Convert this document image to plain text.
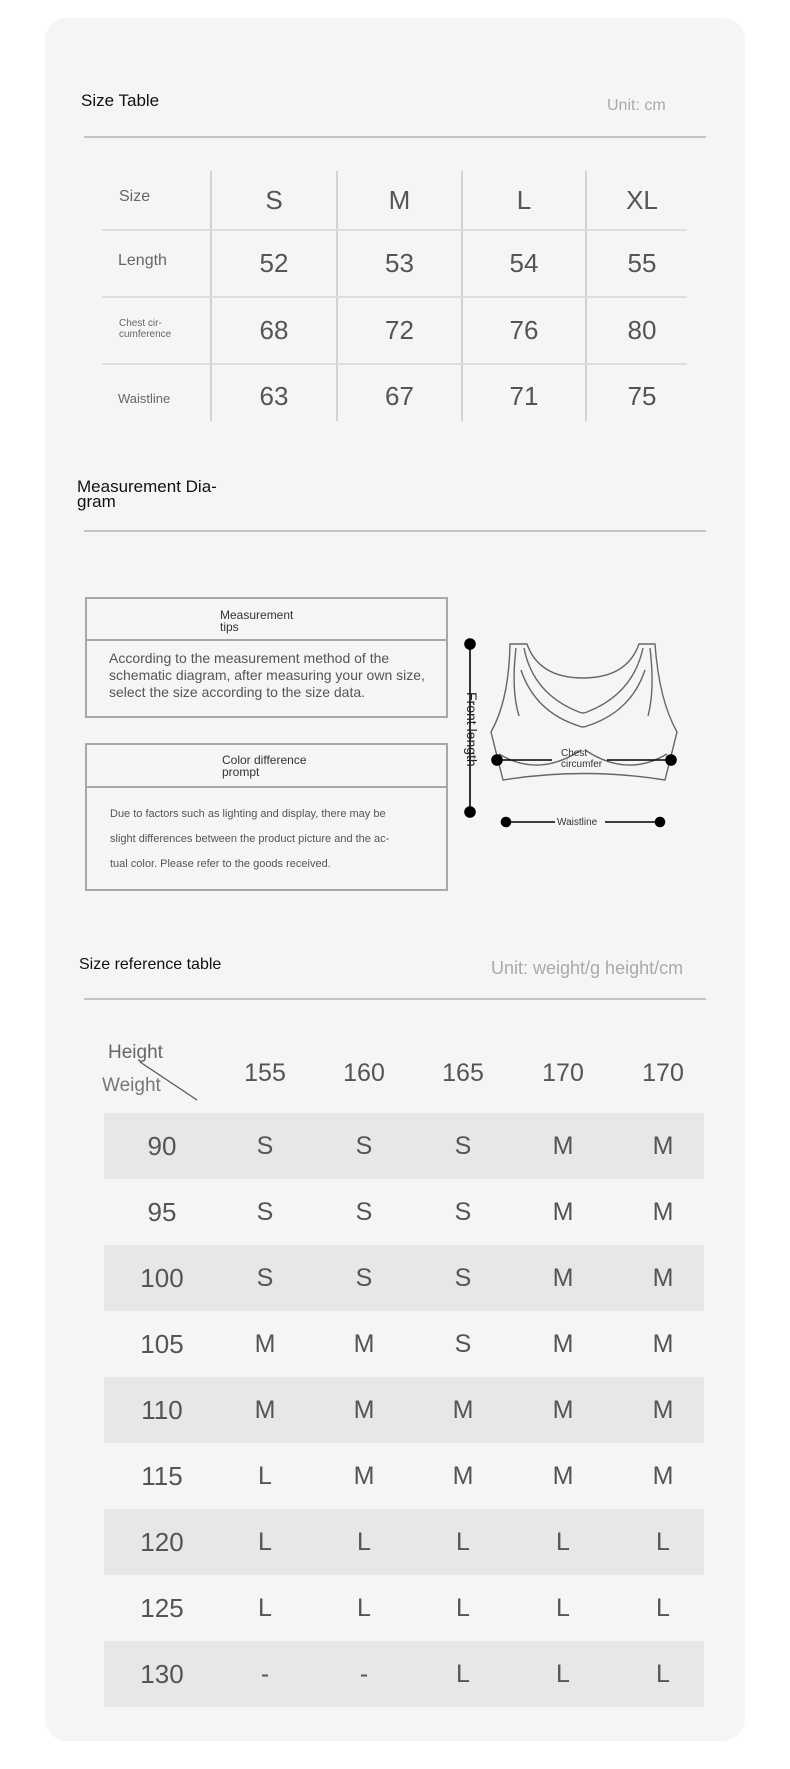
Size Table	Unit: cm
Size	S	M	L	XL
Length	52	53	54	55
Chest cir-
cumference	68	72	76	80
Waistline	63	67	71	75
Measurement Dia-
gram
Measurement
tips
According to the measurement method of the schematic diagram, after measuring your own size, select the size according to the size data.
Color difference
prompt
Due to factors such as lighting and display, there may be
slight differences between the product picture and the ac-
tual color. Please refer to the goods received.
Front length	Chest
circumfer
Waistline
Size reference table	Unit: weight/g height/cm
Height
Weight	155	160	165	170	170
90	S	S	S	M	M
95	S	S	S	M	M
100	S	S	S	M	M
105	M	M	S	M	M
110	M	M	M	M	M
115	L	M	M	M	M
120	L	L	L	L	L
125	L	L	L	L	L
130	-	-	L	L	L
